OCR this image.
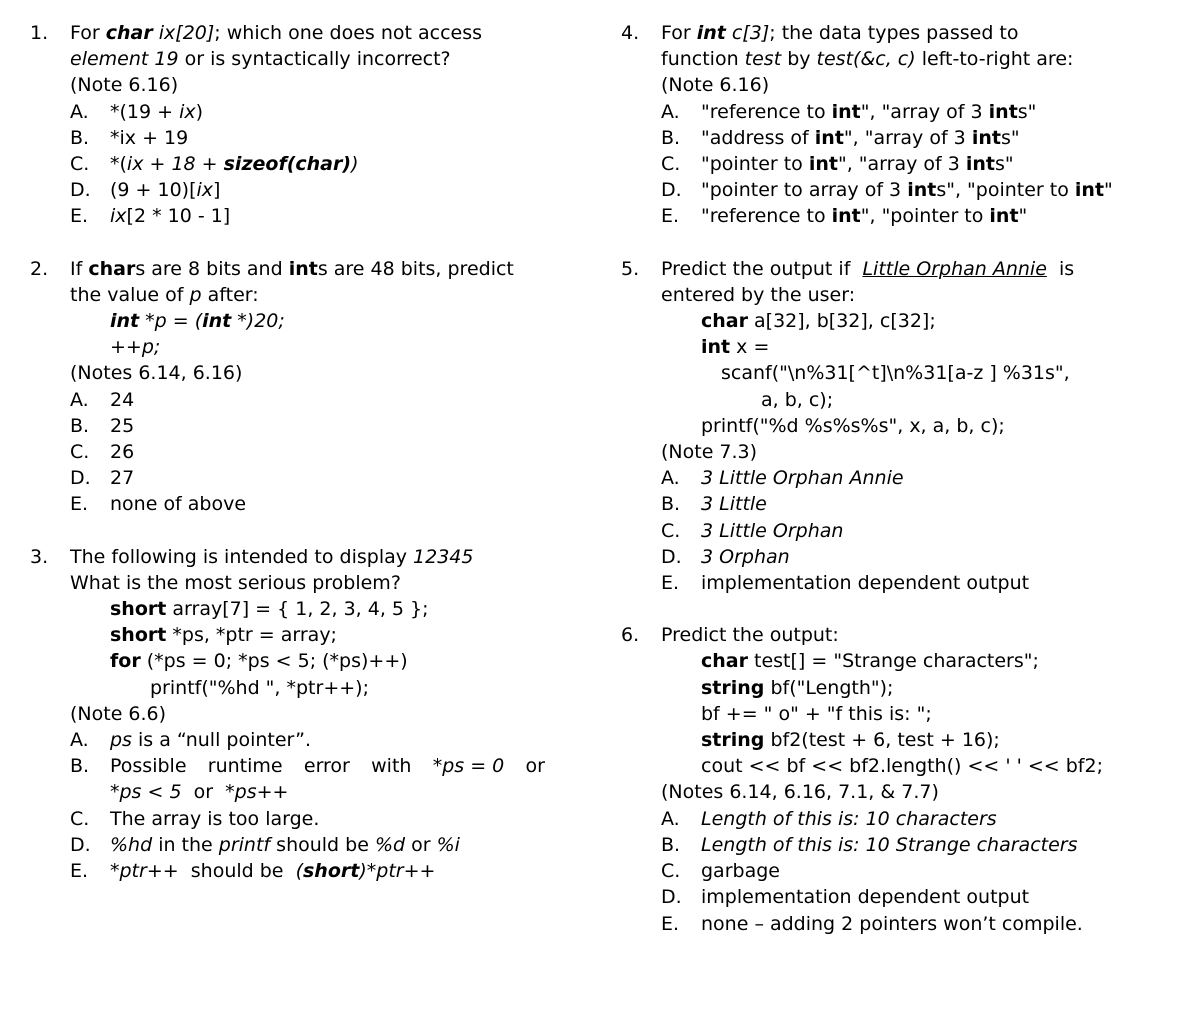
1. For char ix[20]; which one does not access
element 19 or is syntactically incorrect?
(Note 6.16)
A. *(19 + ix)
B. *ix + 19
C. *(ix + 18 + sizeof(char))
D. (9 + 10)[ix]
E. ix[2 * 10 - 1]
2. If chars are 8 bits and ints are 48 bits, predict
the value of p after:
int *p = (int *)20;
++p;
(Notes 6.14, 6.16)
A. 24
B. 25
C. 26
D. 27
E. none of above
3. The following is intended to display 12345
What is the most serious problem?
short array[7] = { 1, 2, 3, 4, 5 };
short *ps, *ptr = array;
for (*ps = 0; *ps < 5; (*ps)++)
printf("%hd ", *ptr++);
(Note 6.6)
A. ps is a “null pointer”.
B. Possible runtime error with *ps = 0 or
*ps < 5  or  *ps++
C. The array is too large.
D. %hd in the printf should be %d or %i
E. *ptr++  should be  (short)*ptr++
4. For int c[3]; the data types passed to
function test by test(&c, c) left-to-right are:
(Note 6.16)
A. "reference to int", "array of 3 ints"
B. "address of int", "array of 3 ints"
C. "pointer to int", "array of 3 ints"
D. "pointer to array of 3 ints", "pointer to int"
E. "reference to int", "pointer to int"
5. Predict the output if  Little Orphan Annie  is
entered by the user:
char a[32], b[32], c[32];
int x =
scanf("\n%31[^t]\n%31[a-z ] %31s",
a, b, c);
printf("%d %s%s%s", x, a, b, c);
(Note 7.3)
A. 3 Little Orphan Annie
B. 3 Little
C. 3 Little Orphan
D. 3 Orphan
E. implementation dependent output
6. Predict the output:
char test[] = "Strange characters";
string bf("Length");
bf += " o" + "f this is: ";
string bf2(test + 6, test + 16);
cout << bf << bf2.length() << ' ' << bf2;
(Notes 6.14, 6.16, 7.1, & 7.7)
A. Length of this is: 10 characters
B. Length of this is: 10 Strange characters
C. garbage
D. implementation dependent output
E. none – adding 2 pointers won’t compile.
